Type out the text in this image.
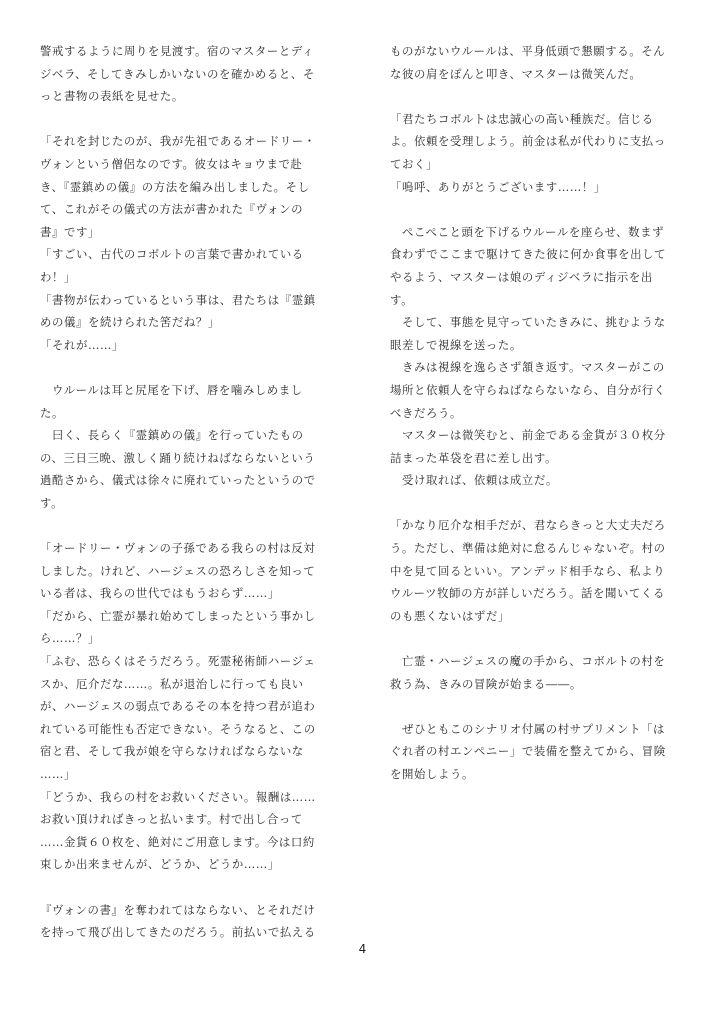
警戒するように周りを見渡す。宿のマスターとディ
ジベラ、そしてきみしかいないのを確かめると、そ
っと書物の表紙を見せた。
「それを封じたのが、我が先祖であるオードリー・
ヴォンという僧侶なのです。彼女はキョウまで赴
き、『霊鎮めの儀』の方法を編み出しました。そし
て、これがその儀式の方法が書かれた『ヴォンの
書』です」
「すごい、古代のコボルトの言葉で書かれている
わ！」
「書物が伝わっているという事は、君たちは『霊鎮
めの儀』を続けられた筈だね？」
「それが……」
　ウルールは耳と尻尾を下げ、唇を噛みしめまし
た。
　曰く、長らく『霊鎮めの儀』を行っていたもの
の、三日三晩、激しく踊り続けねばならないという
過酷さから、儀式は徐々に廃れていったというので
す。
「オードリー・ヴォンの子孫である我らの村は反対
しました。けれど、ハージェスの恐ろしさを知って
いる者は、我らの世代ではもうおらず……」
「だから、亡霊が暴れ始めてしまったという事かし
ら……？」
「ふむ、恐らくはそうだろう。死霊秘術師ハージェ
スか、厄介だな……。私が退治しに行っても良い
が、ハージェスの弱点であるその本を持つ君が追わ
れている可能性も否定できない。そうなると、この
宿と君、そして我が娘を守らなければならないな
……」
「どうか、我らの村をお救いください。報酬は……
お救い頂ければきっと払います。村で出し合って
……金貨６０枚を、絶対にご用意します。今は口約
束しか出来ませんが、どうか、どうか……」
『ヴォンの書』を奪われてはならない、とそれだけ
を持って飛び出してきたのだろう。前払いで払える
ものがないウルールは、平身低頭で懇願する。そん
な彼の肩をぽんと叩き、マスターは微笑んだ。
「君たちコボルトは忠誠心の高い種族だ。信じる
よ。依頼を受理しよう。前金は私が代わりに支払っ
ておく」
「嗚呼、ありがとうございます……！」
　ぺこぺこと頭を下げるウルールを座らせ、数まず
食わずでここまで駆けてきた彼に何か食事を出して
やるよう、マスターは娘のディジベラに指示を出
す。
　そして、事態を見守っていたきみに、挑むような
眼差しで視線を送った。
　きみは視線を逸らさず頷き返す。マスターがこの
場所と依頼人を守らねばならないなら、自分が行く
べきだろう。
　マスターは微笑むと、前金である金貨が３０枚分
詰まった革袋を君に差し出す。
　受け取れば、依頼は成立だ。
「かなり厄介な相手だが、君ならきっと大丈夫だろ
う。ただし、準備は絶対に怠るんじゃないぞ。村の
中を見て回るといい。アンデッド相手なら、私より
ウルーツ牧師の方が詳しいだろう。話を聞いてくる
のも悪くないはずだ」
　亡霊・ハージェスの魔の手から、コボルトの村を
救う為、きみの冒険が始まる――。
　ぜひともこのシナリオ付属の村サプリメント「は
ぐれ者の村エンペニー」で装備を整えてから、冒険
を開始しよう。
4
